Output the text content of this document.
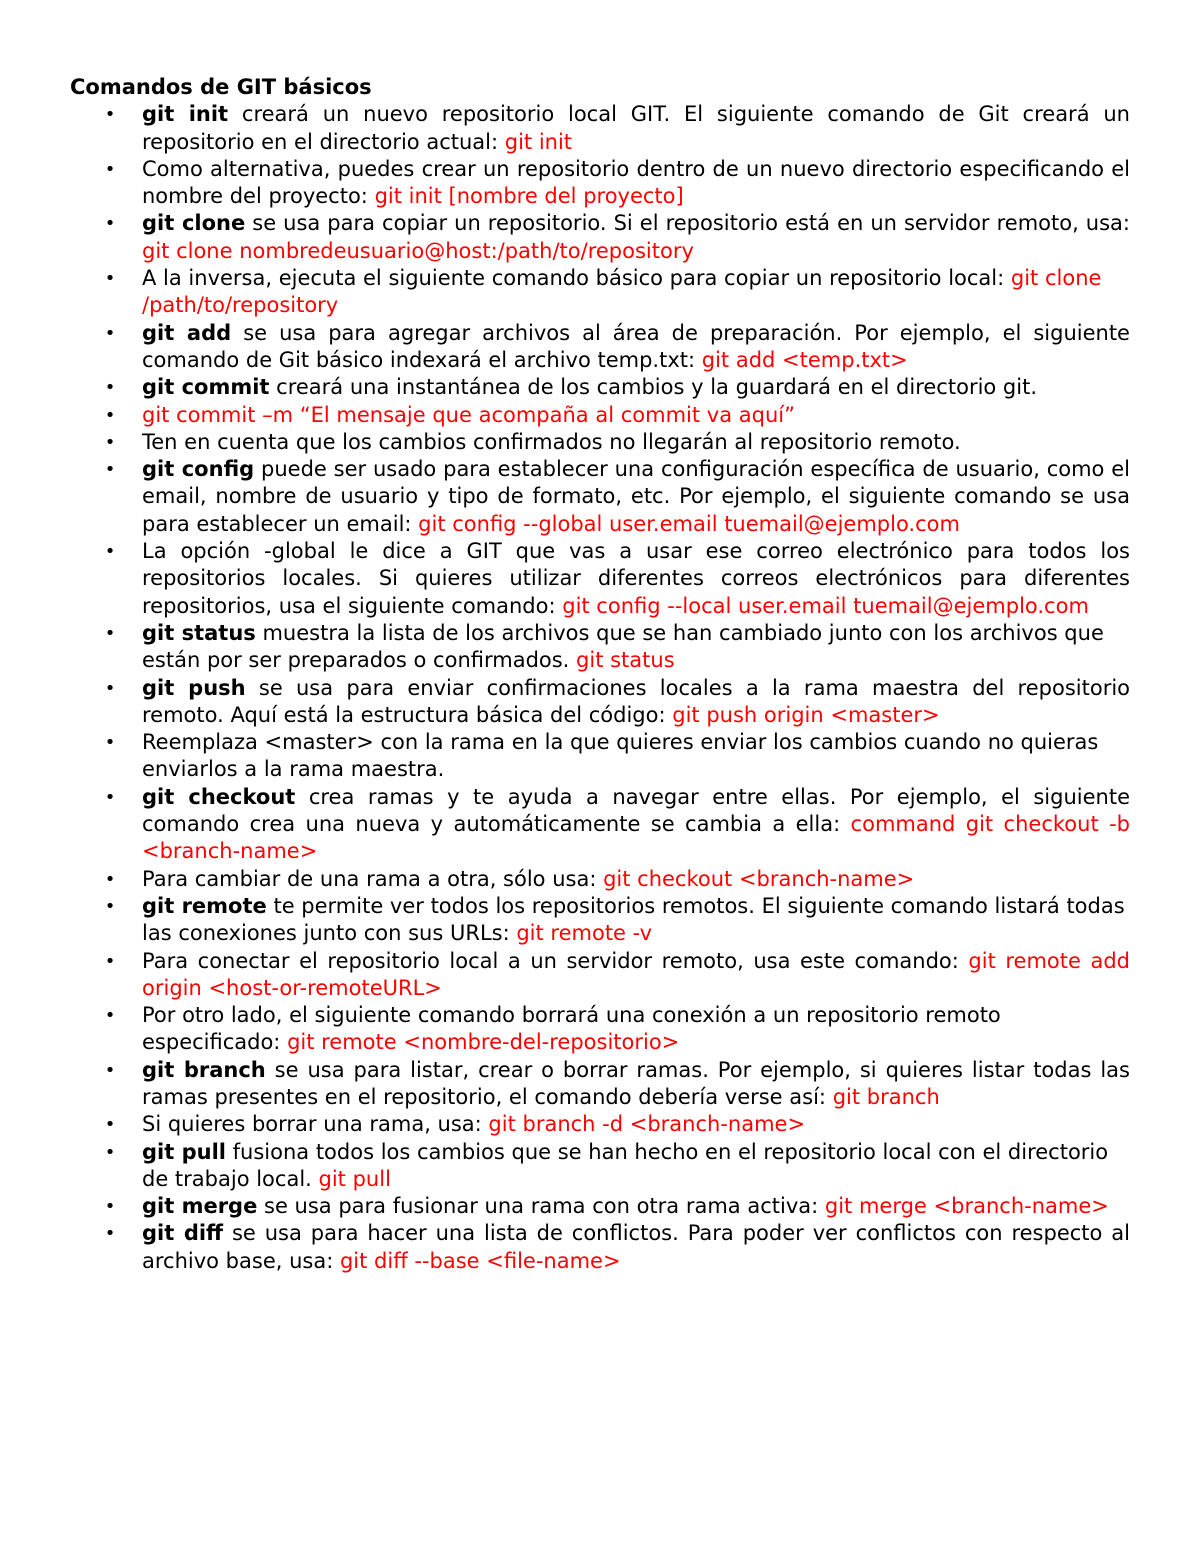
Comandos de GIT básicos

• git init creará un nuevo repositorio local GIT. El siguiente comando de Git creará un repositorio en el directorio actual: git init
• Como alternativa, puedes crear un repositorio dentro de un nuevo directorio especificando el nombre del proyecto: git init [nombre del proyecto]
• git clone se usa para copiar un repositorio. Si el repositorio está en un servidor remoto, usa: git clone nombredeusuario@host:/path/to/repository
• A la inversa, ejecuta el siguiente comando básico para copiar un repositorio local: git clone /path/to/repository
• git add se usa para agregar archivos al área de preparación. Por ejemplo, el siguiente comando de Git básico indexará el archivo temp.txt: git add <temp.txt>
• git commit creará una instantánea de los cambios y la guardará en el directorio git.
• git commit –m “El mensaje que acompaña al commit va aquí”
• Ten en cuenta que los cambios confirmados no llegarán al repositorio remoto.
• git config puede ser usado para establecer una configuración específica de usuario, como el email, nombre de usuario y tipo de formato, etc. Por ejemplo, el siguiente comando se usa para establecer un email: git config --global user.email tuemail@ejemplo.com
• La opción -global le dice a GIT que vas a usar ese correo electrónico para todos los repositorios locales. Si quieres utilizar diferentes correos electrónicos para diferentes repositorios, usa el siguiente comando: git config --local user.email tuemail@ejemplo.com
• git status muestra la lista de los archivos que se han cambiado junto con los archivos que están por ser preparados o confirmados. git status
• git push se usa para enviar confirmaciones locales a la rama maestra del repositorio remoto. Aquí está la estructura básica del código: git push origin <master>
• Reemplaza <master> con la rama en la que quieres enviar los cambios cuando no quieras enviarlos a la rama maestra.
• git checkout crea ramas y te ayuda a navegar entre ellas. Por ejemplo, el siguiente comando crea una nueva y automáticamente se cambia a ella: command git checkout -b <branch-name>
• Para cambiar de una rama a otra, sólo usa: git checkout <branch-name>
• git remote te permite ver todos los repositorios remotos. El siguiente comando listará todas las conexiones junto con sus URLs: git remote -v
• Para conectar el repositorio local a un servidor remoto, usa este comando: git remote add origin <host-or-remoteURL>
• Por otro lado, el siguiente comando borrará una conexión a un repositorio remoto especificado: git remote <nombre-del-repositorio>
• git branch se usa para listar, crear o borrar ramas. Por ejemplo, si quieres listar todas las ramas presentes en el repositorio, el comando debería verse así: git branch
• Si quieres borrar una rama, usa: git branch -d <branch-name>
• git pull fusiona todos los cambios que se han hecho en el repositorio local con el directorio de trabajo local. git pull
• git merge se usa para fusionar una rama con otra rama activa: git merge <branch-name>
• git diff se usa para hacer una lista de conflictos. Para poder ver conflictos con respecto al archivo base, usa: git diff --base <file-name>
